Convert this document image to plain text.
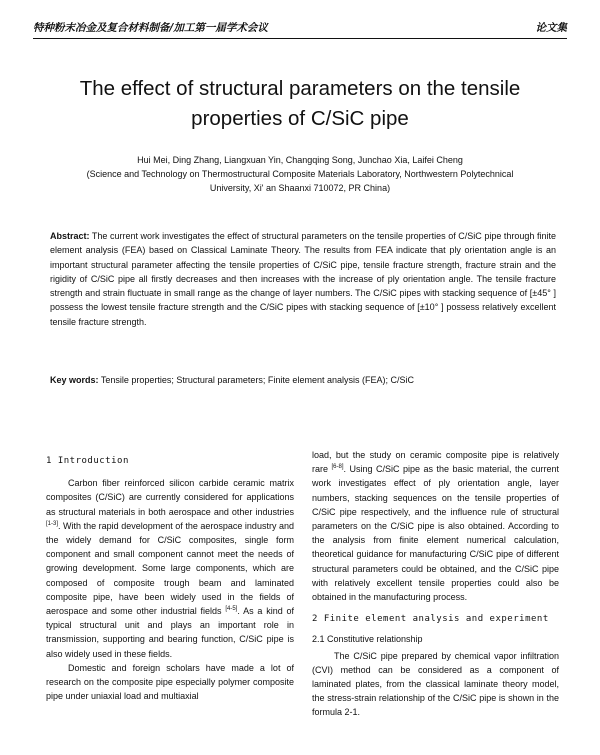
特种粉末冶金及复合材料制备/加工第一届学术会议	论文集
The effect of structural parameters on the tensile
properties of C/SiC pipe
Hui Mei, Ding Zhang, Liangxuan Yin, Changqing Song, Junchao Xia, Laifei Cheng
(Science and Technology on Thermostructural Composite Materials Laboratory, Northwestern Polytechnical
University, Xi' an Shaanxi 710072, PR China)
Abstract: The current work investigates the effect of structural parameters on the tensile properties of C/SiC pipe through finite element analysis (FEA) based on Classical Laminate Theory. The results from FEA indicate that ply orientation angle is an important structural parameter affecting the tensile properties of C/SiC pipe, tensile fracture strength, fracture strain and the rigidity of C/SiC pipe all firstly decreases and then increases with the increase of ply orientation angle. The tensile fracture strength and strain fluctuate in small range as the change of layer numbers. The C/SiC pipes with stacking sequence of [±45° ] possess the lowest tensile fracture strength and the C/SiC pipes with stacking sequence of [±10° ] possess relatively excellent tensile fracture strength.
Key words: Tensile properties; Structural parameters; Finite element analysis (FEA); C/SiC
1 Introduction

Carbon fiber reinforced silicon carbide ceramic matrix composites (C/SiC) are currently considered for applications as structural materials in both aerospace and other industries [1-3]. With the rapid development of the aerospace industry and the widely demand for C/SiC composites, single form component and small component cannot meet the needs of growing development. Some large components, which are composed of composite trough beam and laminated composite pipe, have been widely used in the fields of aerospace and some other industrial fields [4-5]. As a kind of typical structural unit and plays an important role in transmission, supporting and bearing function, C/SiC pipe is also widely used in these fields.

Domestic and foreign scholars have made a lot of research on the composite pipe especially polymer composite pipe under uniaxial load and multiaxial

load, but the study on ceramic composite pipe is relatively rare [6-8]. Using C/SiC pipe as the basic material, the current work investigates effect of ply orientation angle, layer numbers, stacking sequences on the tensile properties of C/SiC pipe respectively, and the influence rule of structural parameters on the C/SiC pipe is also obtained. According to the analysis from finite element numerical calculation, theoretical guidance for manufacturing C/SiC pipe of different structural parameters could be obtained, and the C/SiC pipe with relatively excellent tensile properties could also be obtained in the manufacturing process.

2 Finite element analysis and experiment
2.1 Constitutive relationship

The C/SiC pipe prepared by chemical vapor infiltration (CVI) method can be considered as a component of laminated plates, from the classical laminate theory model, the stress-strain relationship of the C/SiC pipe is shown in the formula 2-1.
